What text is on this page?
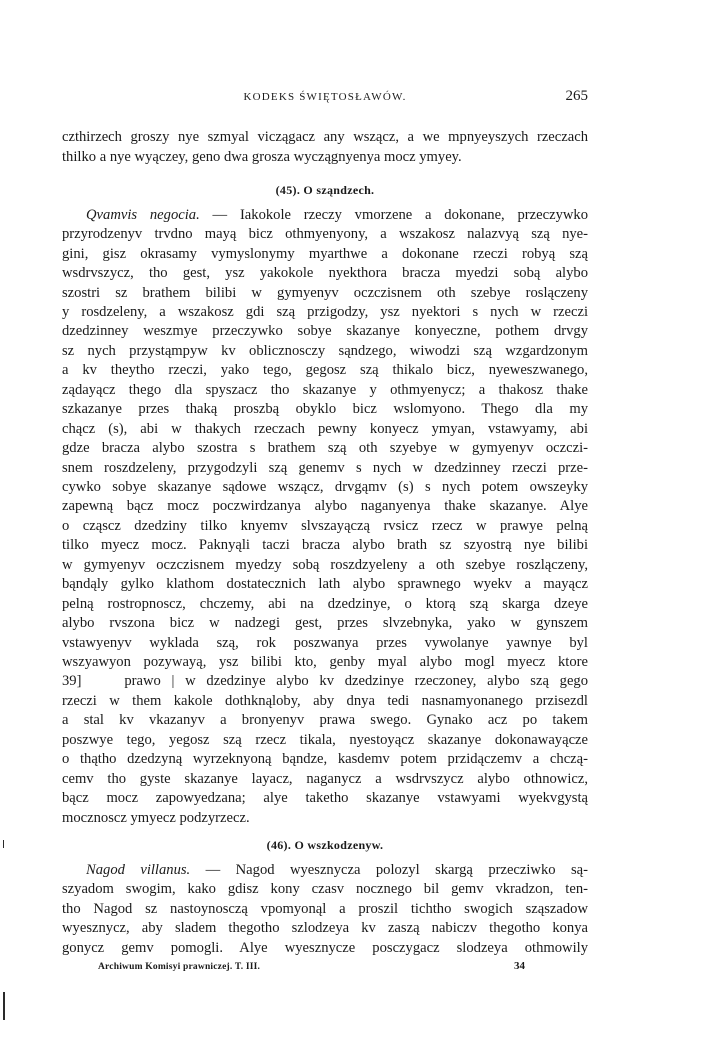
KODEKS ŚWIĘTOSŁAWÓW.	265
czthirzech groszy nye szmyal viczągacz any wszącz, a we mpnyeyszych rzeczach
thilko a nye wyączey, geno dwa grosza wyczągnyenya mocz ymyey.
(45). O sząndzech.
Qvamvis negocia. — Iakokole rzeczy vmorzene a dokonane, przeczywko
przyrodzenyv trvdno mayą bicz othmyenyony, a wszakosz nalazvyą szą nye-
gini, gisz okrasamy vymyslonymy myarthwe a dokonane rzeczi robyą szą
wsdrvszycz, tho gest, ysz yakokole nyekthora bracza myedzi sobą alybo
szostri sz brathem bilibi w gymyenyv oczczisnem oth szebye roslączeny
y rosdzeleny, a wszakosz gdi szą przigodzy, ysz nyektori s nych w rzeczi
dzedzinney weszmye przeczywko sobye skazanye konyeczne, pothem drvgy
sz nych przystąmpyw kv oblicznosczy sąndzego, wiwodzi szą wzgardzonym
a kv theytho rzeczi, yako tego, gegosz szą thikalo bicz, nyeweszwanego,
ządayącz thego dla spyszacz tho skazanye y othmyenycz; a thakosz thake
szkazanye przes thaką proszbą obyklo bicz wslomyono. Thego dla my
chącz (s), abi w thakych rzeczach pewny konyecz ymyan, vstawyamy, abi
gdze bracza alybo szostra s brathem szą oth szyebye w gymyenyv oczczi-
snem roszdzeleny, przygodzyli szą genemv s nych w dzedzinney rzeczi prze-
cywko sobye skazanye sądowe wsząсz, drvgąmv (s) s nych potem owszeyky
zapewną bącz mocz poczwirdzanya alybo naganyenya thake skazanye. Alye
o cząscz dzedziny tilko knyemv slvszayączą rvsicz rzecz w prawye pelną
tilko myecz mocz. Paknyąli taczi bracza alybo brath sz szyostrą nye bilibi
w gymyenyv oczczisnem myedzy sobą roszdzyeleny a oth szebye roszląсzeny,
bąndąly gylko klathom dostatecznich lath alybo sprawnego wyekv a mayącz
pelną rostropnoscz, chczemy, abi na dzedzinye, o ktorą szą skarga dzeye
alybo rvszona bicz w nadzegi gest, przes slvzebnyka, yako w gynszem
vstawyenyv wyklada szą, rok poszwanya przes vywolanye yawnye byl
wszyawyon pozywayą, ysz bilibi kto, genby myal alybo mogl myecz ktore
39]	prawo | w dzedzinye alybo kv dzedzinye rzeczoney, alybo szą gego
rzeczi w them kakole dothknąloby, aby dnya tedi nasnamyonanego przisezdl
a stal kv vkazanyv a bronyenyv prawa swego. Gynako acz po takem
poszwye tego, yegosz szą rzecz tikala, nyestoyącz skazanye dokonawayącze
o thątho dzedzyną wyrzeknyoną bąndze, kasdemv potem przidączemv a chczą-
cemv tho gyste skazanye layacz, naganycz a wsdrvszycz alybo othnowicz,
bącz mocz zapowyedzana; alye taketho skazanye vstawyami wyekvgystą
mocznoscz ymyecz podzyrzecz.
(46). O wszkodzenyw.
Nagod villanus. — Nagod wyesznycza polozyl skargą przecziwko są-
szyadom swogim, kako gdisz kony czasv nocznego bil gemv vkradzon, ten-
tho Nagod sz nastoynosczą vpomyonąl a proszil tichtho swogich sząszadow
wyesznycz, aby sladem thegotho szlodzeya kv zaszą nabiczv thegotho konya
gonycz gemv pomogli. Alye wyesznycze posczygacz slodzeya othmowily
Archiwum Komisyi prawniczej. T. III.	34
